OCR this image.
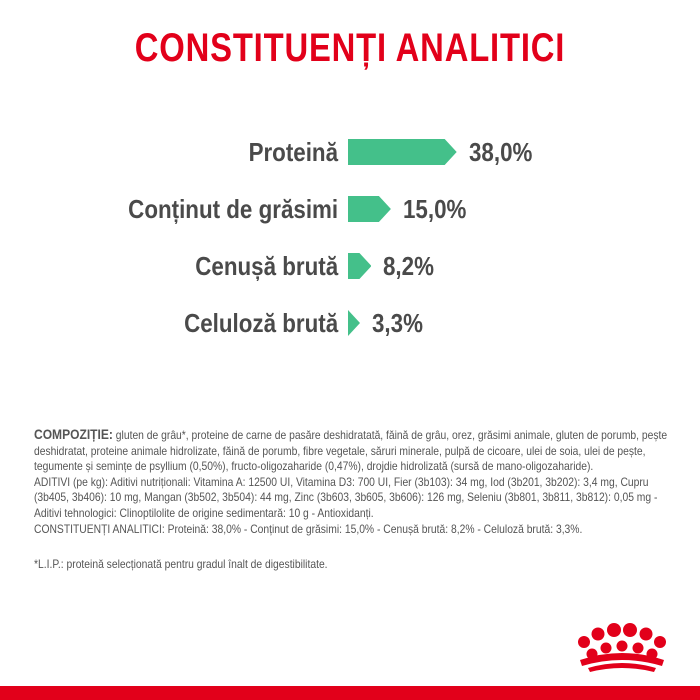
CONSTITUENȚI ANALITICI
Proteină	38,0%
Conținut de grăsimi 15,0%
Cenușă brută 8,2%
Celuloză brută 3,3%

COMPOZIȚIE: gluten de grâu*, proteine de carne de pasăre deshidratată, făină de grâu, orez, grăsimi animale, gluten de porumb, pește deshidratat, proteine animale hidrolizate, făină de porumb, fibre vegetale, săruri minerale, pulpă de cicoare, ulei de soia, ulei de pește, tegumente și semințe de psyllium (0,50%), fructo-oligozaharide (0,47%), drojdie hidrolizată (sursă de mano-oligozaharide).

ADITIVI (pe kg): Aditivi nutriționali: Vitamina A: 12500 UI, Vitamina D3: 700 UI, Fier (3b103): 34 mg, Iod (3b201, 3b202): 3,4 mg, Cupru (3b405, 3b406): 10 mg, Mangan (3b502, 3b504): 44 mg, Zinc (3b603, 3b605, 3b606): 126 mg, Seleniu (3b801, 3b811, 3b812): 0,05 mg - Aditivi tehnologici: Clinoptilolite de origine sedimentară: 10 g - Antioxidanți.

CONSTITUENȚI ANALITICI: Proteină: 38,0% - Conținut de grăsimi: 15,0% - Cenușă brută: 8,2% - Celuloză brută: 3,3%.

*L.I.P.: proteină selecționată pentru gradul înalt de digestibilitate.
